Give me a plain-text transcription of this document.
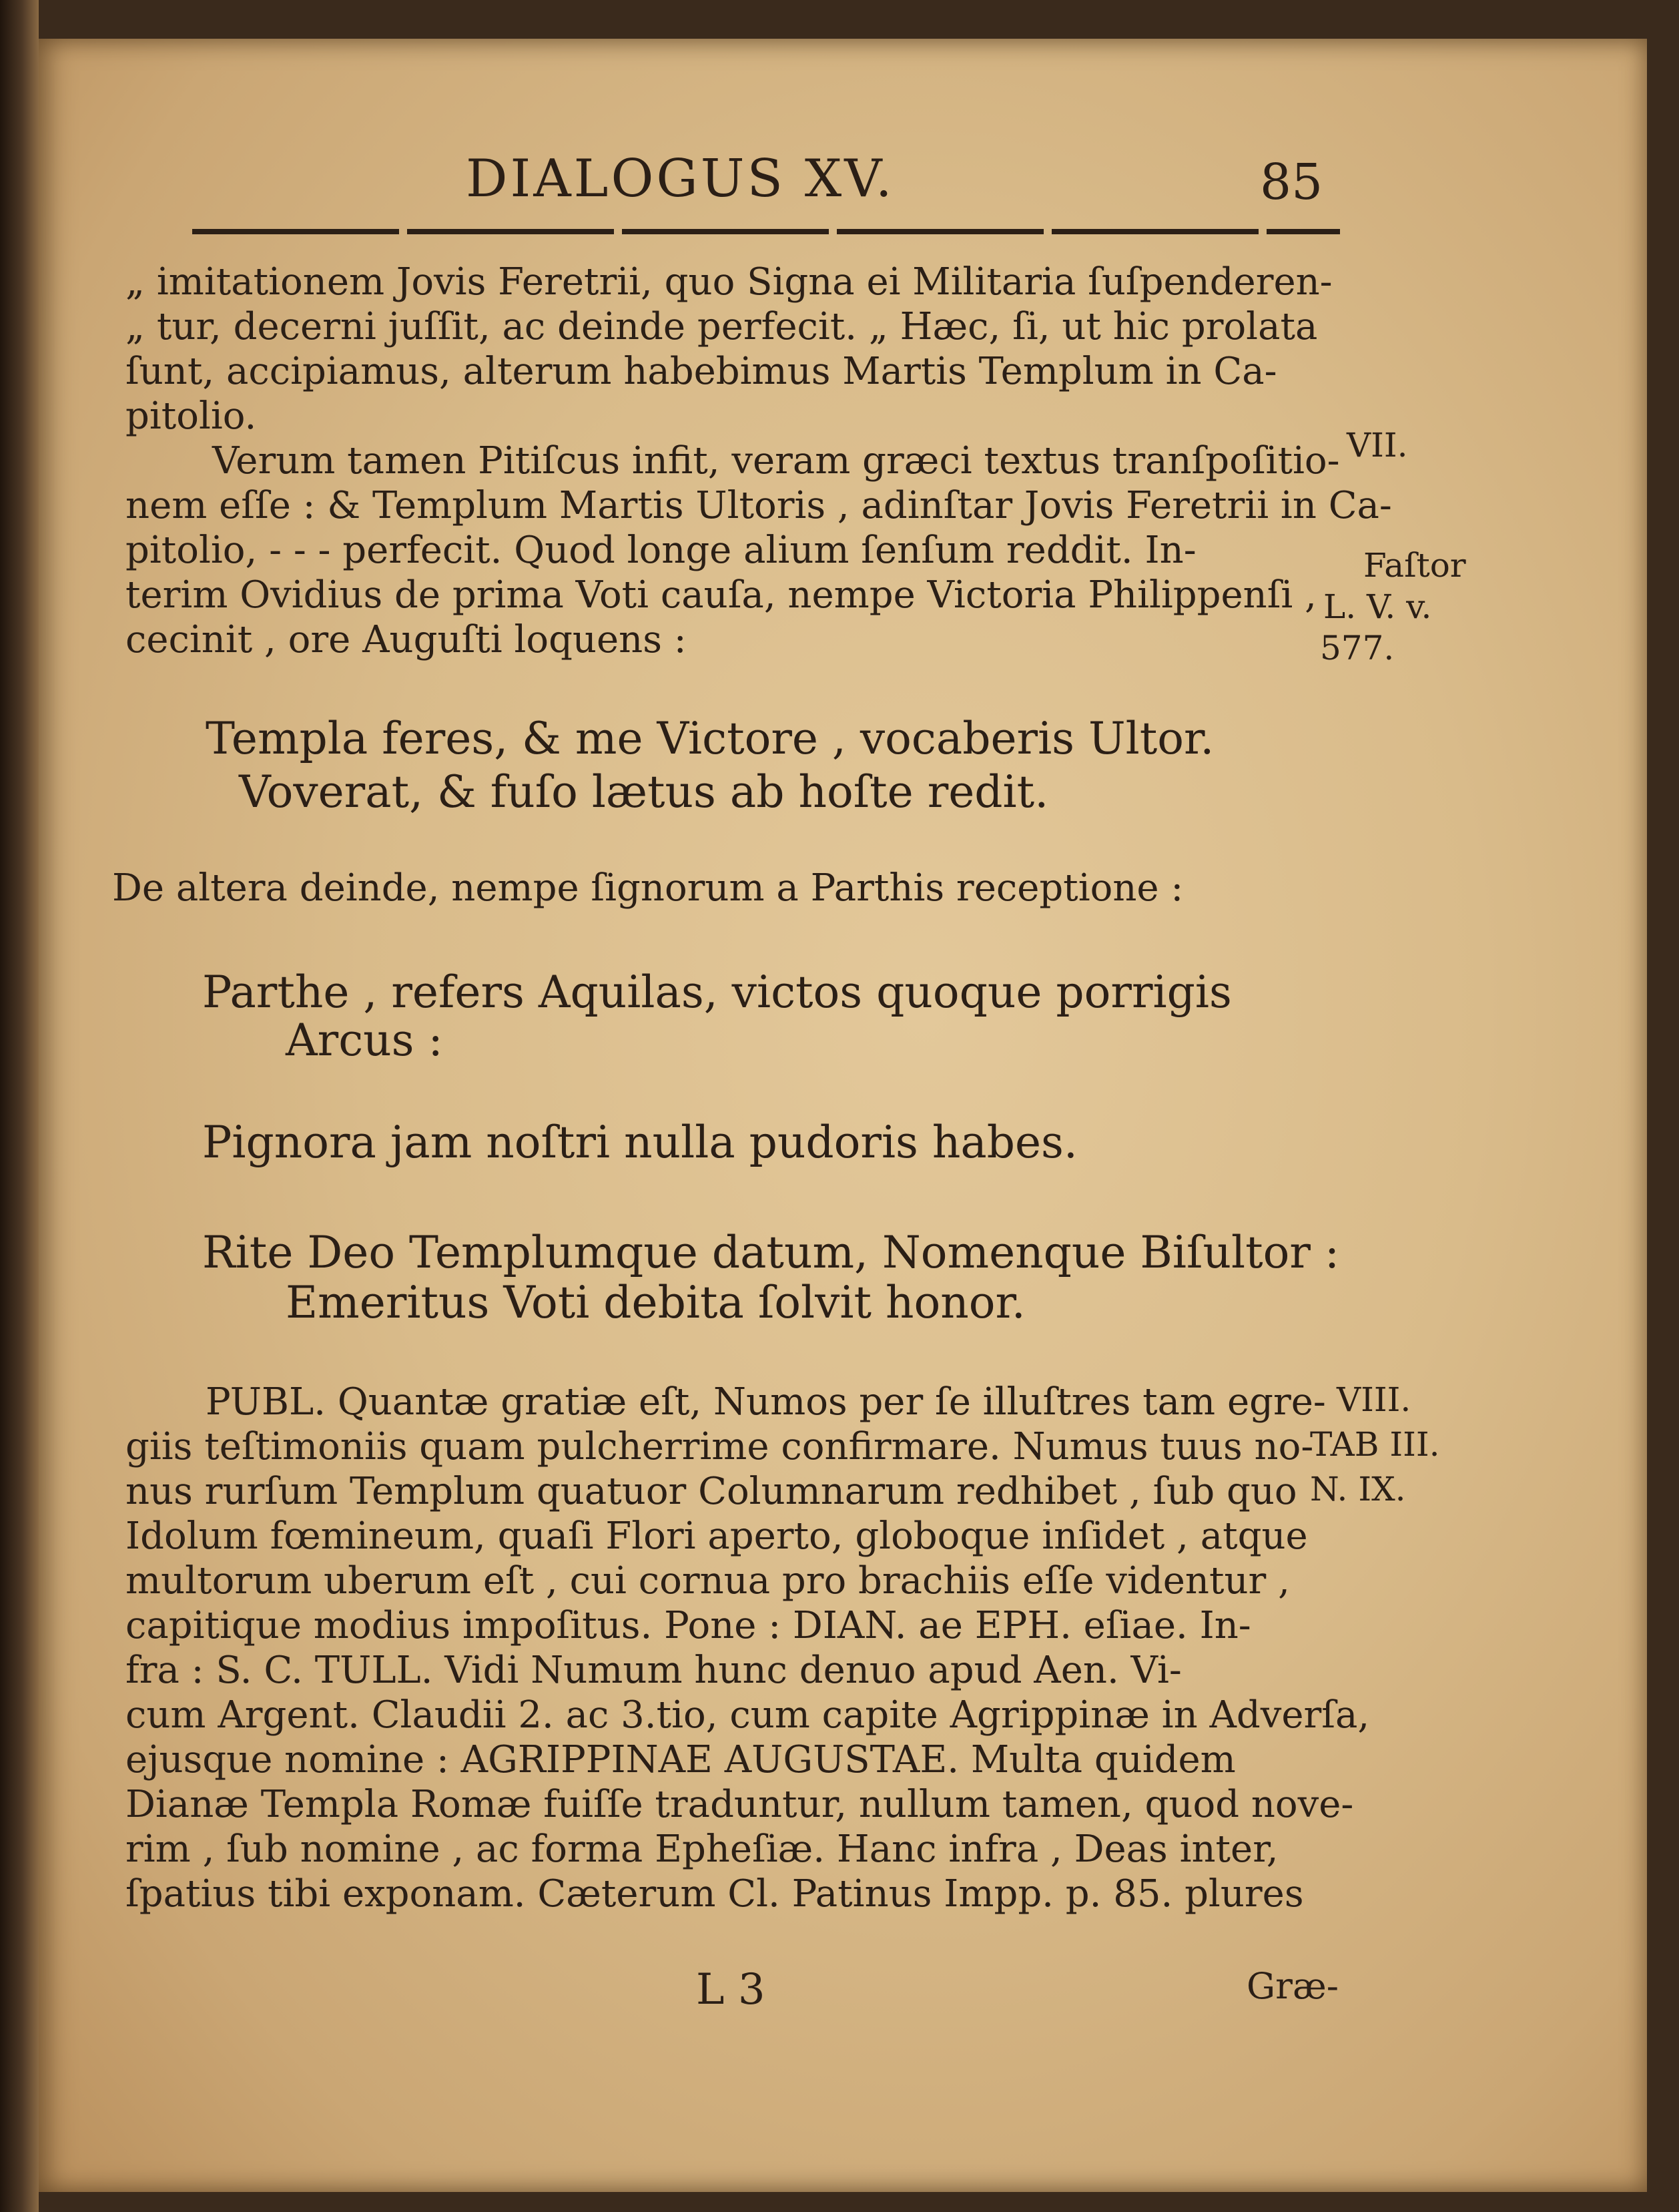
DIALOGUS XV.	85
„ imitationem Jovis Feretrii, quo Signa ei Militaria ſuſpenderen-
„ tur, decerni juſſit, ac deinde perfecit. „ Hæc, ſi, ut hic prolata
ſunt, accipiamus, alterum habebimus Martis Templum in Ca-
pitolio.
Verum tamen Pitiſcus infit, veram græci textus tranſpoſitio-
nem eſſe : & Templum Martis Ultoris , adinſtar Jovis Feretrii in Ca-
pitolio, - - - perfecit. Quod longe alium ſenſum reddit. In-
terim Ovidius de prima Voti cauſa, nempe Victoria Philippenſi ,
cecinit , ore Auguſti loquens :
VII.
Faſtor
L. V. v.
577.
Templa feres, & me Victore , vocaberis Ultor.
Voverat, & fuſo lætus ab hoſte redit.
De altera deinde, nempe ſignorum a Parthis receptione :
Parthe , refers Aquilas, victos quoque porrigis
Arcus :
Pignora jam noſtri nulla pudoris habes.
Rite Deo Templumque datum, Nomenque Biſultor :
Emeritus Voti debita ſolvit honor.
PUBL. Quantæ gratiæ eſt, Numos per ſe illuſtres tam egre-
giis teſtimoniis quam pulcherrime confirmare. Numus tuus no-
nus rurſum Templum quatuor Columnarum redhibet , ſub quo
Idolum fœmineum, quaſi Flori aperto, globoque inſidet , atque
multorum uberum eſt , cui cornua pro brachiis eſſe videntur ,
capitique modius impoſitus. Pone : DIAN. ae EPH. eſiae. In-
fra : S. C. TULL. Vidi Numum hunc denuo apud Aen. Vi-
cum Argent. Claudii 2. ac 3.tio, cum capite Agrippinæ in Adverſa,
ejusque nomine : AGRIPPINAE AUGUSTAE. Multa quidem
Dianæ Templa Romæ fuiſſe traduntur, nullum tamen, quod nove-
rim , ſub nomine , ac forma Epheſiæ. Hanc infra , Deas inter,
ſpatius tibi exponam. Cæterum Cl. Patinus Impp. p. 85. plures
VIII.
TAB III.
N. IX.
L 3	Græ-
